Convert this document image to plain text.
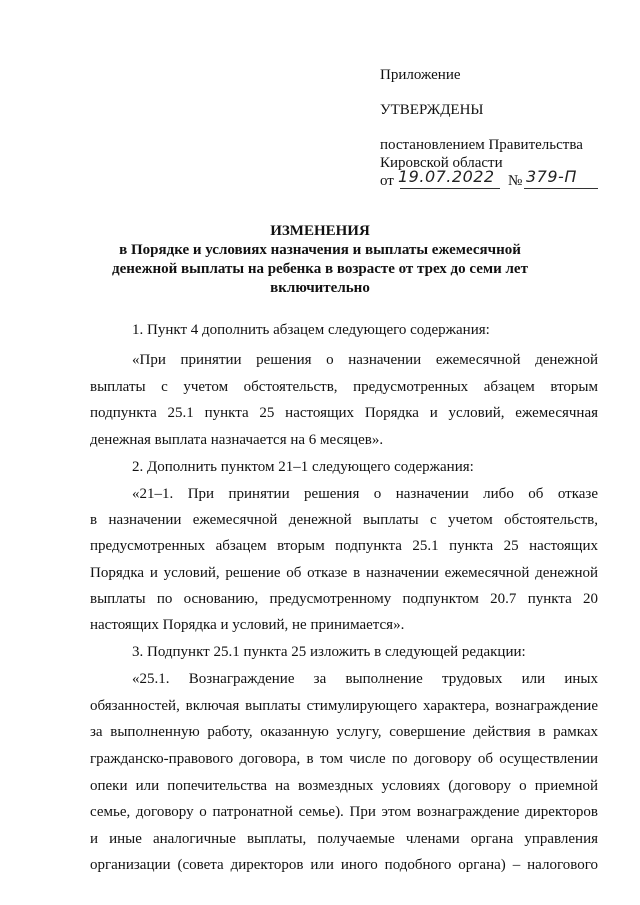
Приложение
УТВЕРЖДЕНЫ
постановлением Правительства
Кировской области
от 19.07.2022 № 379-П
ИЗМЕНЕНИЯ
в Порядке и условиях назначения и выплаты ежемесячной
денежной выплаты на ребенка в возрасте от трех до семи лет
включительно
1. Пункт 4 дополнить абзацем следующего содержания:
«При принятии решения о назначении ежемесячной денежной
выплаты с учетом обстоятельств, предусмотренных абзацем вторым
подпункта 25.1 пункта 25 настоящих Порядка и условий, ежемесячная
денежная выплата назначается на 6 месяцев».
2. Дополнить пунктом 21–1 следующего содержания:
«21–1. При принятии решения о назначении либо об отказе
в назначении ежемесячной денежной выплаты с учетом обстоятельств,
предусмотренных абзацем вторым подпункта 25.1 пункта 25 настоящих
Порядка и условий, решение об отказе в назначении ежемесячной денежной
выплаты по основанию, предусмотренному подпунктом 20.7 пункта 20
настоящих Порядка и условий, не принимается».
3. Подпункт 25.1 пункта 25 изложить в следующей редакции:
«25.1. Вознаграждение за выполнение трудовых или иных
обязанностей, включая выплаты стимулирующего характера, вознаграждение
за выполненную работу, оказанную услугу, совершение действия в рамках
гражданско-правового договора, в том числе по договору об осуществлении
опеки или попечительства на возмездных условиях (договору о приемной
семье, договору о патронатной семье). При этом вознаграждение директоров
и иные аналогичные выплаты, получаемые членами органа управления
организации (совета директоров или иного подобного органа) – налогового
